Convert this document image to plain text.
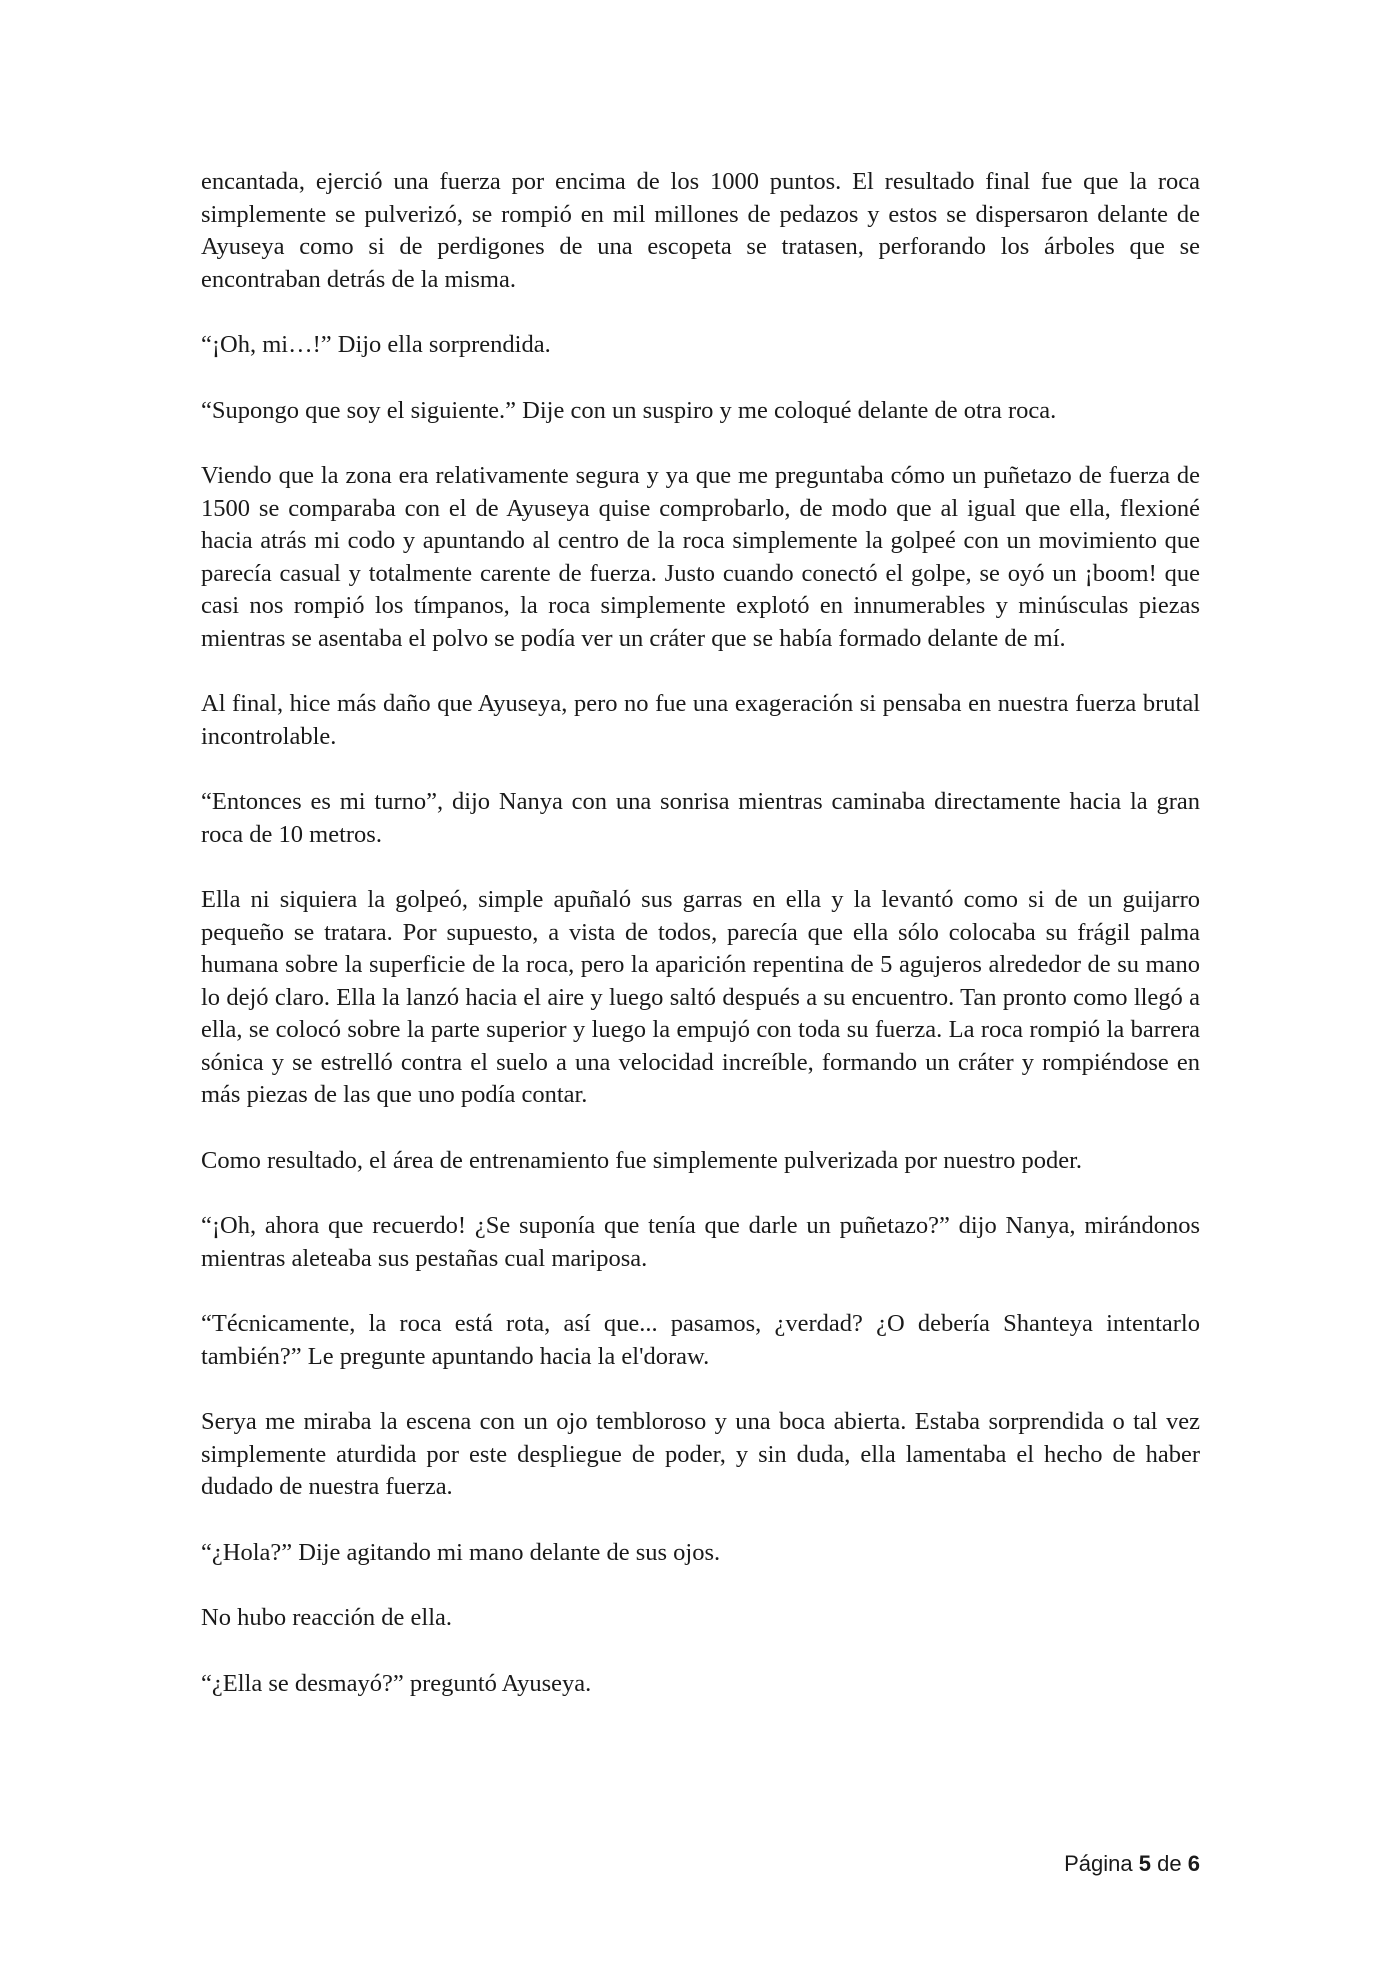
encantada, ejerció una fuerza por encima de los 1000 puntos. El resultado final fue que la roca simplemente se pulverizó, se rompió en mil millones de pedazos y estos se dispersaron delante de Ayuseya como si de perdigones de una escopeta se tratasen, perforando los árboles que se encontraban detrás de la misma.

“¡Oh, mi…!” Dijo ella sorprendida.

“Supongo que soy el siguiente.” Dije con un suspiro y me coloqué delante de otra roca.

Viendo que la zona era relativamente segura y ya que me preguntaba cómo un puñetazo de fuerza de 1500 se comparaba con el de Ayuseya quise comprobarlo, de modo que al igual que ella, flexioné hacia atrás mi codo y apuntando al centro de la roca simplemente la golpeé con un movimiento que parecía casual y totalmente carente de fuerza. Justo cuando conectó el golpe, se oyó un ¡boom! que casi nos rompió los tímpanos, la roca simplemente explotó en innumerables y minúsculas piezas mientras se asentaba el polvo se podía ver un cráter que se había formado delante de mí.

Al final, hice más daño que Ayuseya, pero no fue una exageración si pensaba en nuestra fuerza brutal incontrolable.

“Entonces es mi turno”, dijo Nanya con una sonrisa mientras caminaba directamente hacia la gran roca de 10 metros.

Ella ni siquiera la golpeó, simple apuñaló sus garras en ella y la levantó como si de un guijarro pequeño se tratara. Por supuesto, a vista de todos, parecía que ella sólo colocaba su frágil palma humana sobre la superficie de la roca, pero la aparición repentina de 5 agujeros alrededor de su mano lo dejó claro. Ella la lanzó hacia el aire y luego saltó después a su encuentro. Tan pronto como llegó a ella, se colocó sobre la parte superior y luego la empujó con toda su fuerza. La roca rompió la barrera sónica y se estrelló contra el suelo a una velocidad increíble, formando un cráter y rompiéndose en más piezas de las que uno podía contar.

Como resultado, el área de entrenamiento fue simplemente pulverizada por nuestro poder.

“¡Oh, ahora que recuerdo! ¿Se suponía que tenía que darle un puñetazo?” dijo Nanya, mirándonos mientras aleteaba sus pestañas cual mariposa.

“Técnicamente, la roca está rota, así que... pasamos, ¿verdad? ¿O debería Shanteya intentarlo también?” Le pregunte apuntando hacia la el'doraw.

Serya me miraba la escena con un ojo tembloroso y una boca abierta. Estaba sorprendida o tal vez simplemente aturdida por este despliegue de poder, y sin duda, ella lamentaba el hecho de haber dudado de nuestra fuerza.

“¿Hola?” Dije agitando mi mano delante de sus ojos.

No hubo reacción de ella.

“¿Ella se desmayó?” preguntó Ayuseya.

Página 5 de 6
